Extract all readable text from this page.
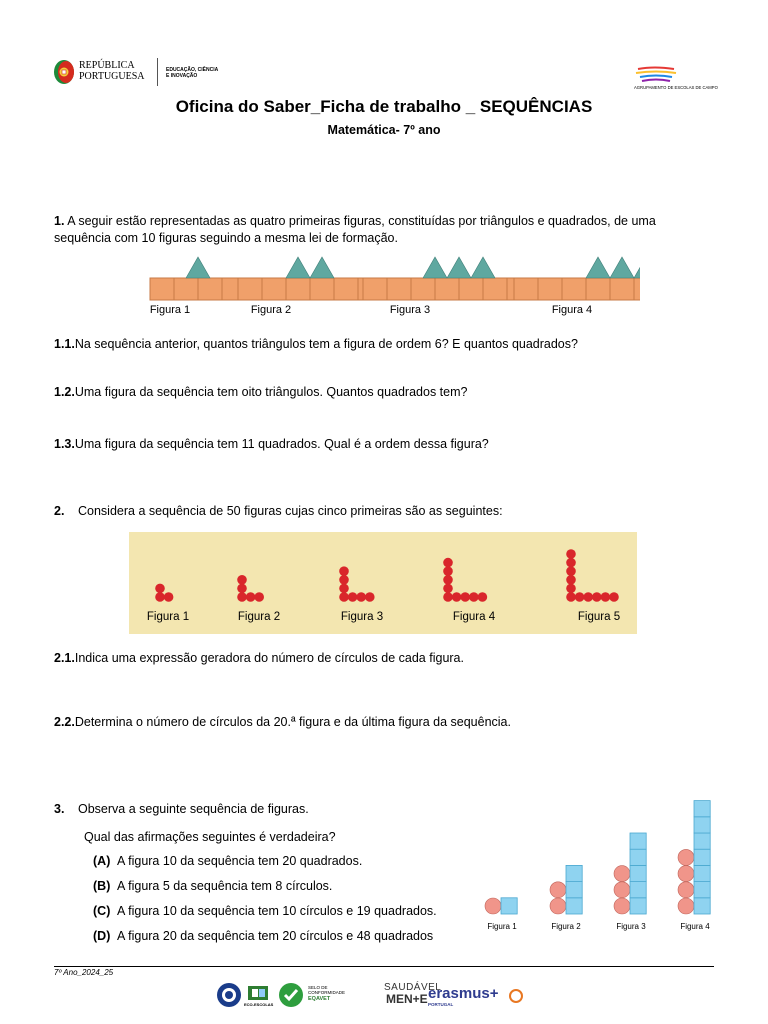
REPÚBLICA
PORTUGUESA
EDUCAÇÃO, CIÊNCIA
E INOVAÇÃO
AGRUPAMENTO DE ESCOLAS DE CAMPO
Oficina do Saber_Ficha de trabalho _ SEQUÊNCIAS
Matemática- 7º ano
1. A seguir estão representadas as quatro primeiras figuras, constituídas por triângulos e quadrados, de uma
sequência com 10 figuras seguindo a mesma lei de formação.
Figura 1	Figura 2	Figura 3	Figura 4
1.1.Na sequência anterior, quantos triângulos tem a figura de ordem 6? E quantos quadrados?
1.2.Uma figura da sequência tem oito triângulos. Quantos quadrados tem?
1.3.Uma figura da sequência tem 11 quadrados. Qual é a ordem dessa figura?
2. Considera a sequência de 50 figuras cujas cinco primeiras são as seguintes:
Figura 1	Figura 2	Figura 3	Figura 4	Figura 5
2.1.Indica uma expressão geradora do número de círculos de cada figura.
2.2.Determina o número de círculos da 20.ª figura e da última figura da sequência.
3. Observa a seguinte sequência de figuras.
Qual das afirmações seguintes é verdadeira?
(A) A figura 10 da sequência tem 20 quadrados.
(B) A figura 5 da sequência tem 8 círculos.
(C) A figura 10 da sequência tem 10 círculos e 19 quadrados.
(D) A figura 20 da sequência tem 20 círculos e 48 quadrados
Figura 1	Figura 2	Figura 3	Figura 4
7º Ano_2024_25
ECO-ESCOLAS
SELO DE
CONFORMIDADE
EQAVET
SAUDÁVEL
MEN+E erasmus+
PORTUGAL
